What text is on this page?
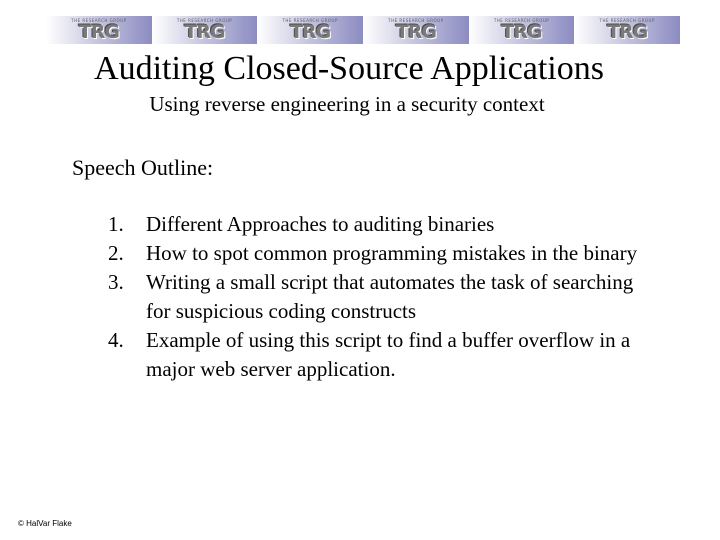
THE RESEARCH GROUP
TRG
THE RESEARCH GROUP
TRG
THE RESEARCH GROUP
TRG
THE RESEARCH GROUP
TRG
THE RESEARCH GROUP
TRG
THE RESEARCH GROUP
TRG
Auditing Closed-Source Applications
Using reverse engineering in a security context
Speech Outline:
1.	Different Approaches to auditing binaries
2.	How to spot common programming mistakes in the binary
3.	Writing a small script that automates the task of searching for suspicious coding constructs
4.	Example of using this script to find a buffer overflow in a major web server application.
© HalVar Flake
